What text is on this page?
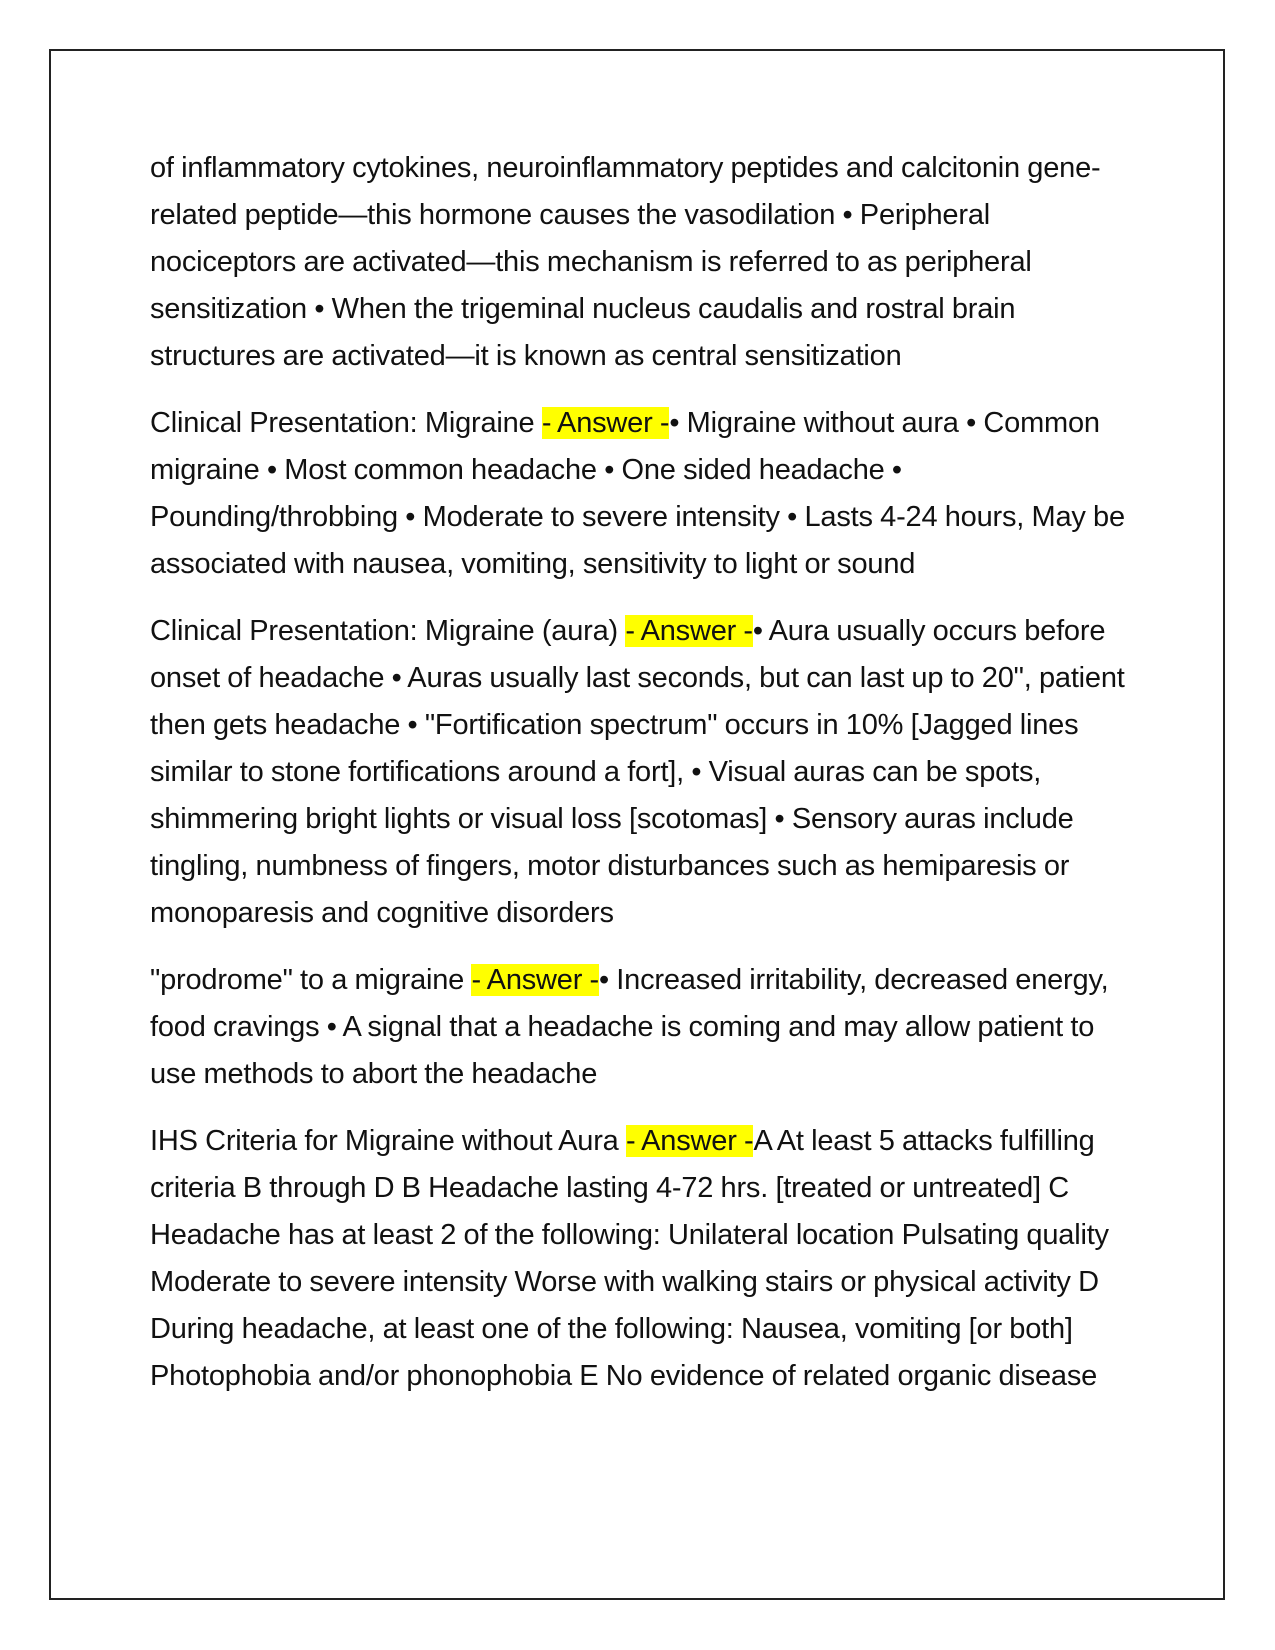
of inflammatory cytokines, neuroinflammatory peptides and calcitonin gene-related peptide—this hormone causes the vasodilation • Peripheral nociceptors are activated—this mechanism is referred to as peripheral sensitization • When the trigeminal nucleus caudalis and rostral brain structures are activated—it is known as central sensitization

Clinical Presentation: Migraine - Answer -• Migraine without aura • Common migraine • Most common headache • One sided headache • Pounding/throbbing • Moderate to severe intensity • Lasts 4-24 hours, May be associated with nausea, vomiting, sensitivity to light or sound

Clinical Presentation: Migraine (aura) - Answer -• Aura usually occurs before onset of headache • Auras usually last seconds, but can last up to 20", patient then gets headache • "Fortification spectrum" occurs in 10% [Jagged lines similar to stone fortifications around a fort], • Visual auras can be spots, shimmering bright lights or visual loss [scotomas] • Sensory auras include tingling, numbness of fingers, motor disturbances such as hemiparesis or monoparesis and cognitive disorders

"prodrome" to a migraine - Answer -• Increased irritability, decreased energy, food cravings • A signal that a headache is coming and may allow patient to use methods to abort the headache

IHS Criteria for Migraine without Aura - Answer -A At least 5 attacks fulfilling criteria B through D B Headache lasting 4-72 hrs. [treated or untreated] C Headache has at least 2 of the following: Unilateral location Pulsating quality Moderate to severe intensity Worse with walking stairs or physical activity D During headache, at least one of the following: Nausea, vomiting [or both] Photophobia and/or phonophobia E No evidence of related organic disease
